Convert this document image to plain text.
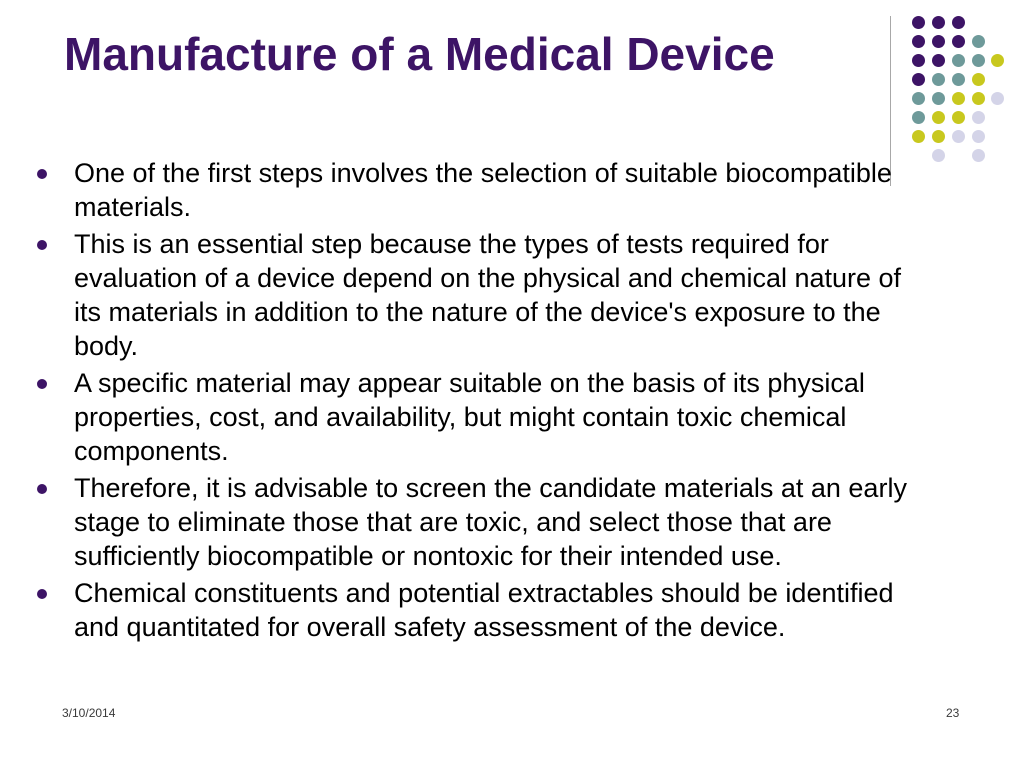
Manufacture of a Medical Device
One of the first steps involves the selection of suitable biocompatible materials.
This is an essential step because the types of tests required for evaluation of a device depend on the physical and chemical nature of its materials in addition to the nature of the device's exposure to the body.
A specific material may appear suitable on the basis of its physical properties, cost, and availability, but might contain toxic chemical components.
Therefore, it is advisable to screen the candidate materials at an early stage to eliminate those that are toxic, and select those that are sufficiently biocompatible or nontoxic for their intended use.
Chemical constituents and potential extractables should be identified and quantitated for overall safety assessment of the device.
3/10/2014	23
